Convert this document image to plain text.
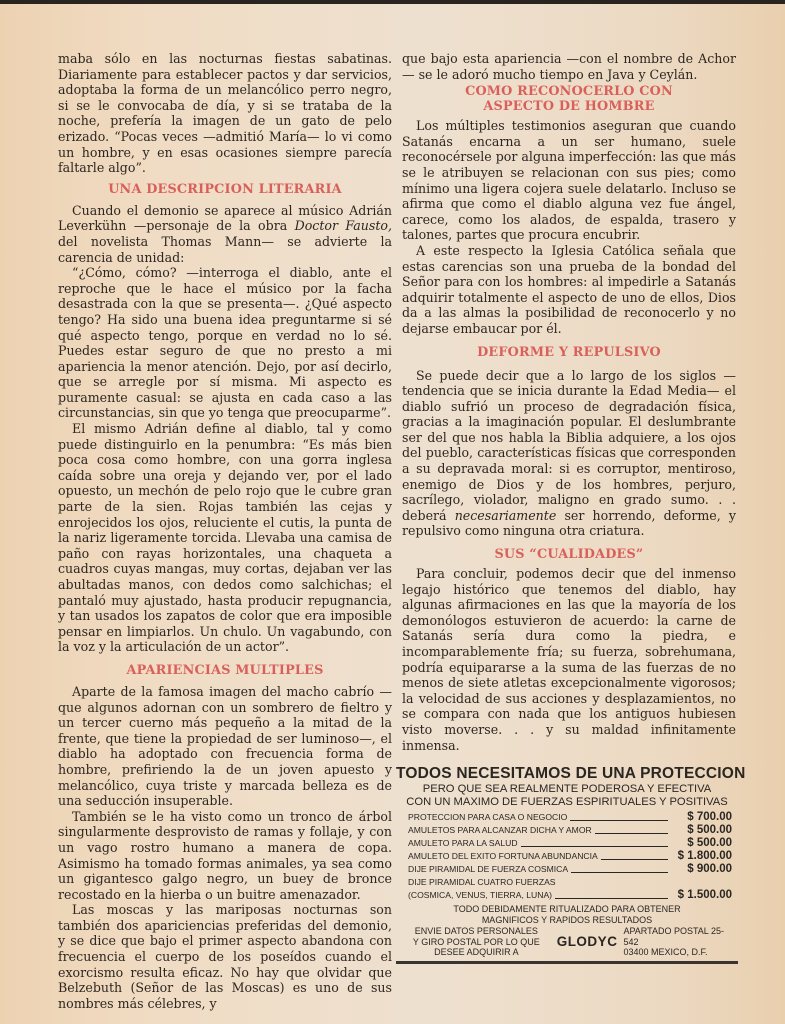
maba sólo en las nocturnas fiestas sabatinas. Diariamente para establecer pactos y dar servicios, adoptaba la forma de un melancólico perro negro, si se le convocaba de día, y si se trataba de la noche, prefería la imagen de un gato de pelo erizado. “Pocas veces —admitió María— lo vi como un hombre, y en esas ocasiones siempre parecía faltarle algo”.

UNA DESCRIPCION LITERARIA

Cuando el demonio se aparece al músico Adrián Leverkühn —personaje de la obra Doctor Fausto, del novelista Thomas Mann— se advierte la carencia de unidad:

“¿Cómo, cómo? —interroga el diablo, ante el reproche que le hace el músico por la facha desastrada con la que se presenta—. ¿Qué aspecto tengo? Ha sido una buena idea preguntarme si sé qué aspecto tengo, porque en verdad no lo sé. Puedes estar seguro de que no presto a mi apariencia la menor atención. Dejo, por así decirlo, que se arregle por sí misma. Mi aspecto es puramente casual: se ajusta en cada caso a las circunstancias, sin que yo tenga que preocuparme”.

El mismo Adrián define al diablo, tal y como puede distinguirlo en la penumbra: “Es más bien poca cosa como hombre, con una gorra inglesa caída sobre una oreja y dejando ver, por el lado opuesto, un mechón de pelo rojo que le cubre gran parte de la sien. Rojas también las cejas y enrojecidos los ojos, reluciente el cutis, la punta de la nariz ligeramente torcida. Llevaba una camisa de paño con rayas horizontales, una chaqueta a cuadros cuyas mangas, muy cortas, dejaban ver las abultadas manos, con dedos como salchichas; el pantaló muy ajustado, hasta producir repugnancia, y tan usados los zapatos de color que era imposible pensar en limpiarlos. Un chulo. Un vagabundo, con la voz y la articulación de un actor”.

APARIENCIAS MULTIPLES

Aparte de la famosa imagen del macho cabrío —que algunos adornan con un sombrero de fieltro y un tercer cuerno más pequeño a la mitad de la frente, que tiene la propiedad de ser luminoso—, el diablo ha adoptado con frecuencia forma de hombre, prefiriendo la de un joven apuesto y melancólico, cuya triste y marcada belleza es de una seducción insuperable.

También se le ha visto como un tronco de árbol singularmente desprovisto de ramas y follaje, y con un vago rostro humano a manera de copa. Asimismo ha tomado formas animales, ya sea como un gigantesco galgo negro, un buey de bronce recostado en la hierba o un buitre amenazador.

Las moscas y las mariposas nocturnas son también dos apariciencias preferidas del demonio, y se dice que bajo el primer aspecto abandona con frecuencia el cuerpo de los poseídos cuando el exorcismo resulta eficaz. No hay que olvidar que Belzebuth (Señor de las Moscas) es uno de sus nombres más célebres, y

que bajo esta apariencia —con el nombre de Achor— se le adoró mucho tiempo en Java y Ceylán.

COMO RECONOCERLO CON ASPECTO DE HOMBRE

Los múltiples testimonios aseguran que cuando Satanás encarna a un ser humano, suele reconocérsele por alguna imperfección: las que más se le atribuyen se relacionan con sus pies; como mínimo una ligera cojera suele delatarlo. Incluso se afirma que como el diablo alguna vez fue ángel, carece, como los alados, de espalda, trasero y talones, partes que procura encubrir.

A este respecto la Iglesia Católica señala que estas carencias son una prueba de la bondad del Señor para con los hombres: al impedirle a Satanás adquirir totalmente el aspecto de uno de ellos, Dios da a las almas la posibilidad de reconocerlo y no dejarse embaucar por él.

DEFORME Y REPULSIVO

Se puede decir que a lo largo de los siglos —tendencia que se inicia durante la Edad Media— el diablo sufrió un proceso de degradación física, gracias a la imaginación popular. El deslumbrante ser del que nos habla la Biblia adquiere, a los ojos del pueblo, características físicas que corresponden a su depravada moral: si es corruptor, mentiroso, enemigo de Dios y de los hombres, perjuro, sacrílego, violador, maligno en grado sumo. . . deberá necesariamente ser horrendo, deforme, y repulsivo como ninguna otra criatura.

SUS “CUALIDADES”

Para concluir, podemos decir que del inmenso legajo histórico que tenemos del diablo, hay algunas afirmaciones en las que la mayoría de los demonólogos estuvieron de acuerdo: la carne de Satanás sería dura como la piedra, e incomparablemente fría; su fuerza, sobrehumana, podría equipararse a la suma de las fuerzas de no menos de siete atletas excepcionalmente vigorosos; la velocidad de sus acciones y desplazamientos, no se compara con nada que los antiguos hubiesen visto moverse. . . y su maldad infinitamente inmensa.

TODOS NECESITAMOS DE UNA PROTECCION
PERO QUE SEA REALMENTE PODEROSA Y EFECTIVA
CON UN MAXIMO DE FUERZAS ESPIRITUALES Y POSITIVAS
PROTECCION PARA CASA O NEGOCIO	$ 700.00
AMULETOS PARA ALCANZAR DICHA Y AMOR	$ 500.00
AMULETO PARA LA SALUD	$ 500.00
AMULETO DEL EXITO FORTUNA ABUNDANCIA	$ 1.800.00
DIJE PIRAMIDAL DE FUERZA COSMICA	$ 900.00
DIJE PIRAMIDAL CUATRO FUERZAS
(COSMICA, VENUS, TIERRA, LUNA)	$ 1.500.00
TODO DEBIDAMENTE RITUALIZADO PARA OBTENER
MAGNIFICOS Y RAPIDOS RESULTADOS
ENVIE DATOS PERSONALES
Y GIRO POSTAL POR LO QUE
DESEE ADQUIRIR A
GLODYC
APARTADO POSTAL 25-542
03400 MEXICO, D.F.
